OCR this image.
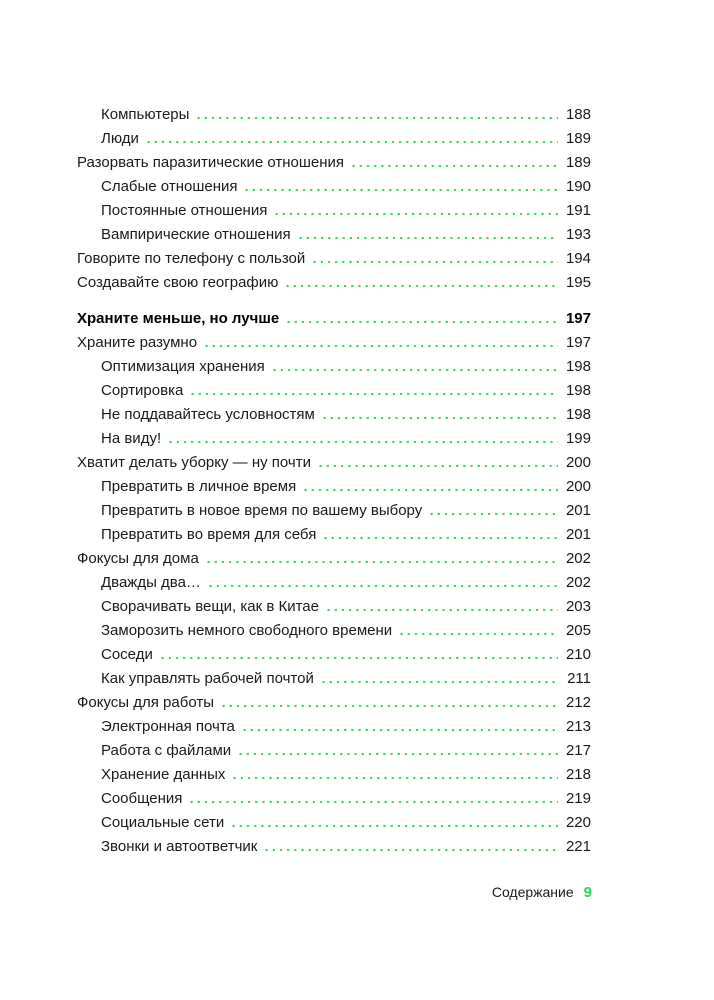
Компьютеры	188
Люди	189
Разорвать паразитические отношения	189
Слабые отношения	190
Постоянные отношения	191
Вампирические отношения	193
Говорите по телефону с пользой	194
Создавайте свою географию	195
Храните меньше, но лучше	197
Храните разумно	197
Оптимизация хранения	198
Сортировка	198
Не поддавайтесь условностям	198
На виду!	199
Хватит делать уборку — ну почти	200
Превратить в личное время	200
Превратить в новое время по вашему выбору	201
Превратить во время для себя	201
Фокусы для дома	202
Дважды два…	202
Сворачивать вещи, как в Китае	203
Заморозить немного свободного времени	205
Соседи	210
Как управлять рабочей почтой	211
Фокусы для работы	212
Электронная почта	213
Работа с файлами	217
Хранение данных	218
Сообщения	219
Социальные сети	220
Звонки и автоответчик	221
Содержание 9
